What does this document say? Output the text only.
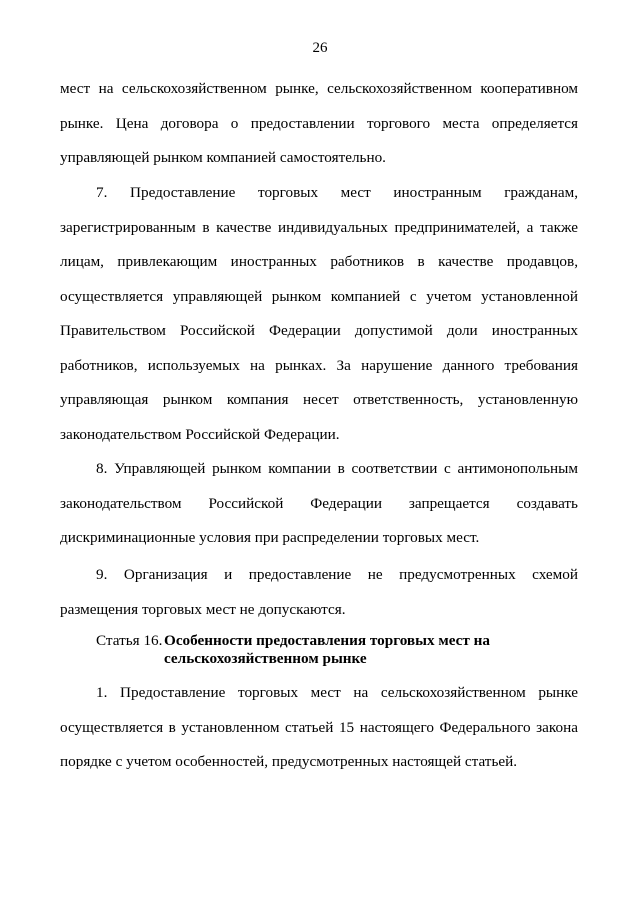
26

мест на сельскохозяйственном рынке, сельскохозяйственном кооперативном рынке. Цена договора о предоставлении торгового места определяется управляющей рынком компанией самостоятельно.

7. Предоставление торговых мест иностранным гражданам, зарегистрированным в качестве индивидуальных предпринимателей, а также лицам, привлекающим иностранных работников в качестве продавцов, осуществляется управляющей рынком компанией с учетом установленной Правительством Российской Федерации допустимой доли иностранных работников, используемых на рынках. За нарушение данного требования управляющая рынком компания несет ответственность, установленную законодательством Российской Федерации.

8. Управляющей рынком компании в соответствии с антимонопольным законодательством Российской Федерации запрещается создавать дискриминационные условия при распределении торговых мест.

9. Организация и предоставление не предусмотренных схемой размещения торговых мест не допускаются.

Статья 16. Особенности предоставления торговых мест на сельскохозяйственном рынке

1. Предоставление торговых мест на сельскохозяйственном рынке осуществляется в установленном статьей 15 настоящего Федерального закона порядке с учетом особенностей, предусмотренных настоящей статьей.
